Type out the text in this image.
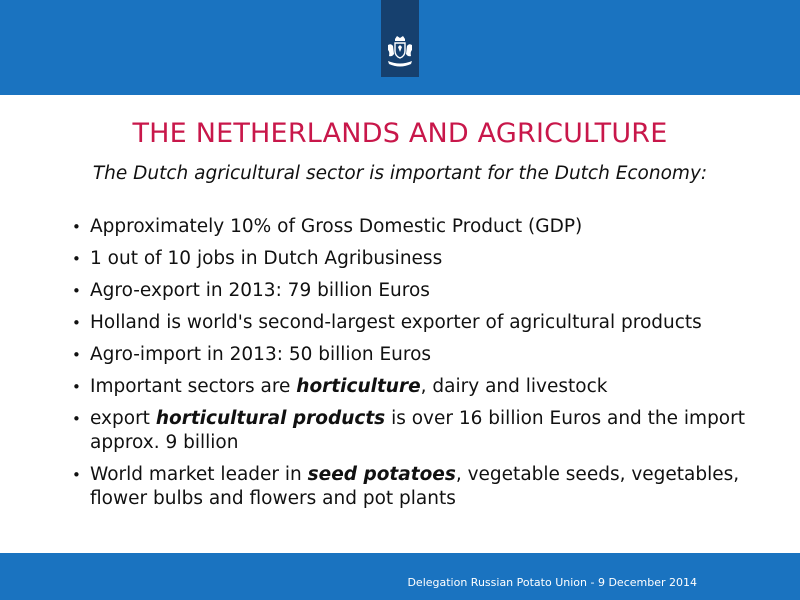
THE NETHERLANDS AND AGRICULTURE
The Dutch agricultural sector is important for the Dutch Economy:
• Approximately 10% of Gross Domestic Product (GDP)
• 1 out of 10 jobs in Dutch Agribusiness
• Agro-export in 2013: 79 billion Euros
• Holland is world's second-largest exporter of agricultural products
• Agro-import in 2013: 50 billion Euros
• Important sectors are horticulture, dairy and livestock
• export horticultural products is over 16 billion Euros and the import approx. 9 billion
• World market leader in seed potatoes, vegetable seeds, vegetables, flower bulbs and flowers and pot plants
Delegation Russian Potato Union - 9 December 2014
